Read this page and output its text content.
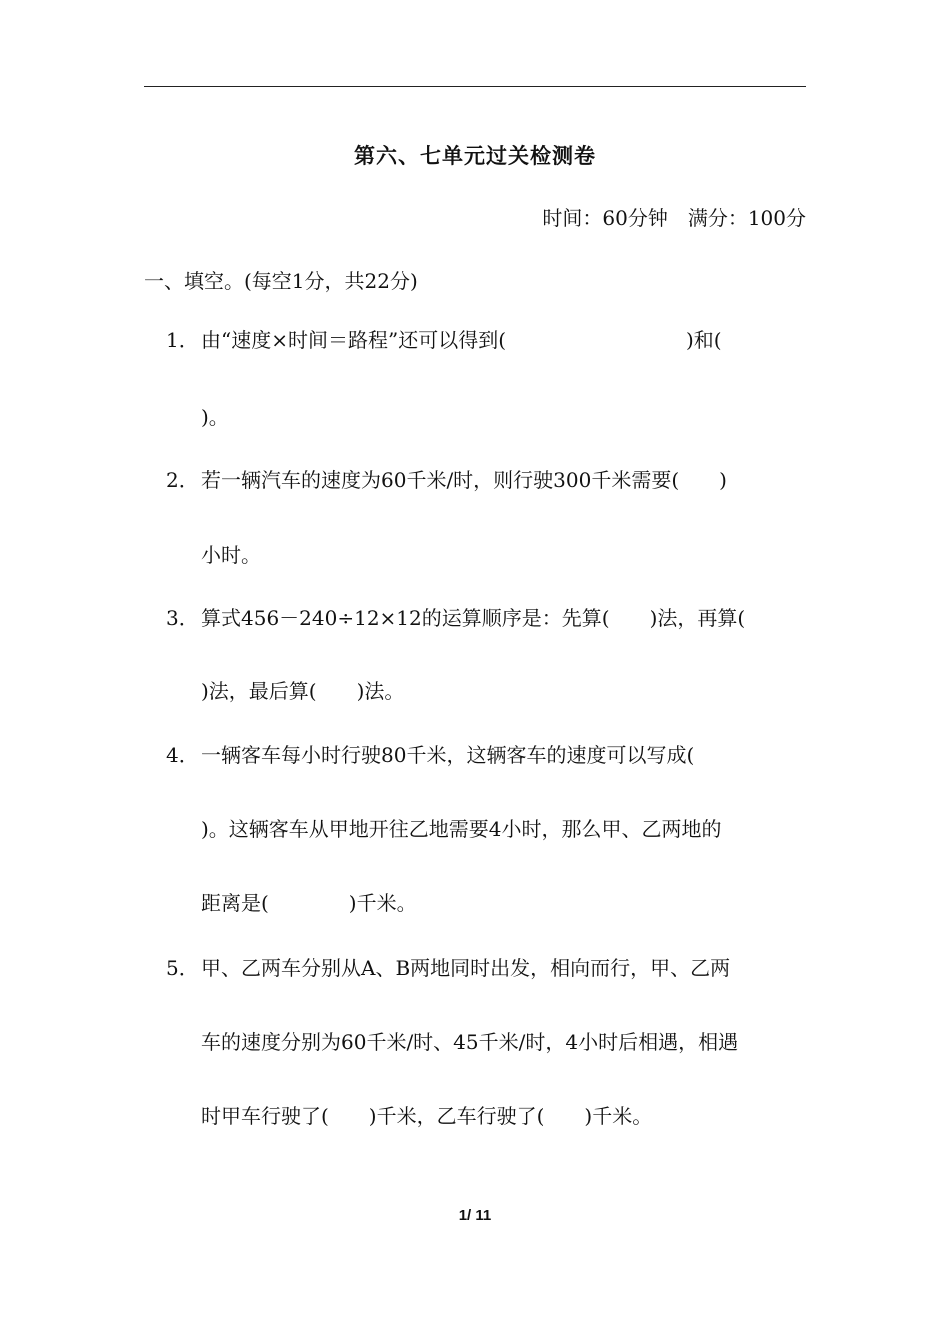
第六、七单元过关检测卷
时间：60分钟　满分：100分
一、填空。(每空1分，共22分)
1． 由“速度×时间＝路程”还可以得到(　　　　　　　　　)和(
)。
2． 若一辆汽车的速度为60千米/时，则行驶300千米需要(　　)
小时。
3． 算式456－240÷12×12的运算顺序是：先算(　　)法，再算(
)法，最后算(　　)法。
4． 一辆客车每小时行驶80千米，这辆客车的速度可以写成(
)。这辆客车从甲地开往乙地需要4小时，那么甲、乙两地的
距离是(　　　　)千米。
5． 甲、乙两车分别从A、B两地同时出发，相向而行，甲、乙两
车的速度分别为60千米/时、45千米/时，4小时后相遇，相遇
时甲车行驶了(　　)千米，乙车行驶了(　　)千米。
1/ 11
